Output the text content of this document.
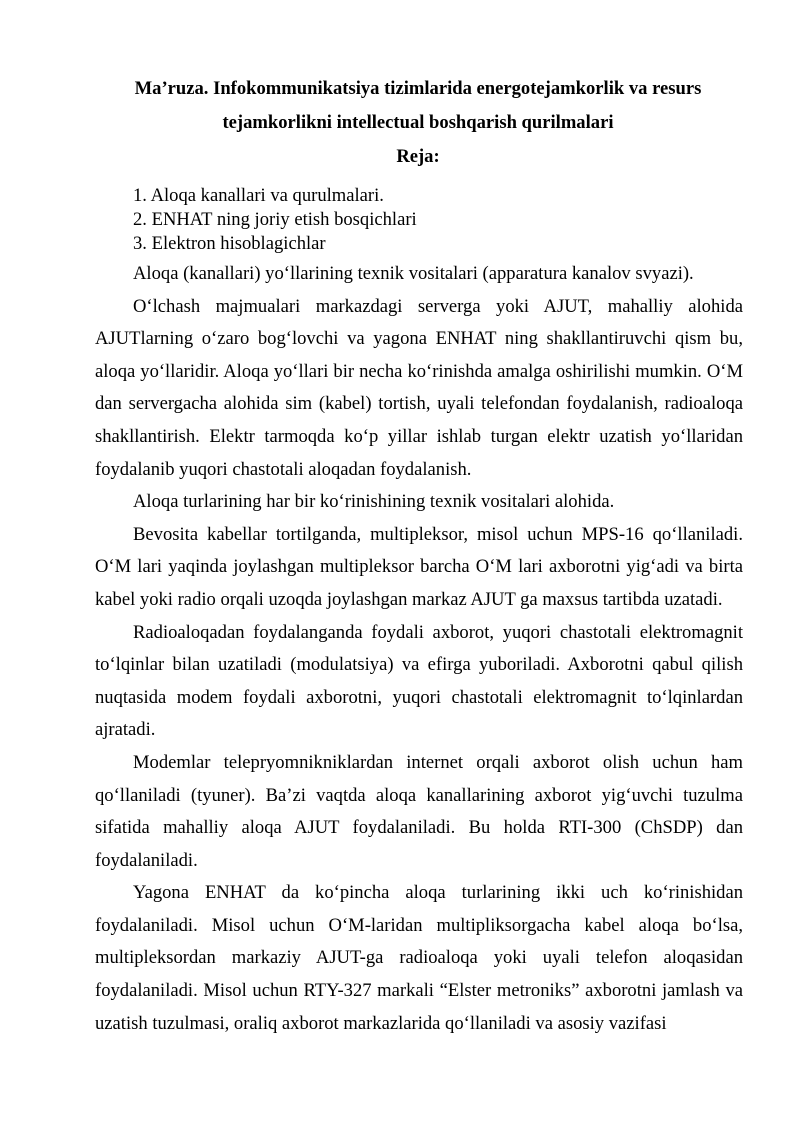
Ma’ruza. Infokommunikatsiya tizimlarida energotejamkorlik va resurs
tejamkorlikni intellectual boshqarish qurilmalari
Reja:
1. Aloqa kanallari va qurulmalari.
2. ENHAT ning joriy etish bosqichlari
3. Elektron hisoblagichlar

Aloqa (kanallari) yo‘llarining texnik vositalari (apparatura kanalov svyazi).

O‘lchash majmualari markazdagi serverga yoki AJUT, mahalliy alohida AJUTlarning o‘zaro bog‘lovchi va yagona ENHAT ning shakllantiruvchi qism bu, aloqa yo‘llaridir. Aloqa yo‘llari bir necha ko‘rinishda amalga oshirilishi mumkin. O‘M dan servergacha alohida sim (kabel) tortish, uyali telefondan foydalanish, radioaloqa shakllantirish. Elektr tarmoqda ko‘p yillar ishlab turgan elektr uzatish yo‘llaridan foydalanib yuqori chastotali aloqadan foydalanish.

Aloqa turlarining har bir ko‘rinishining texnik vositalari alohida.

Bevosita kabellar tortilganda, multipleksor, misol uchun MPS-16 qo‘llaniladi. O‘M lari yaqinda joylashgan multipleksor barcha O‘M lari axborotni yig‘adi va birta kabel yoki radio orqali uzoqda joylashgan markaz AJUT ga maxsus tartibda uzatadi.

Radioaloqadan foydalanganda foydali axborot, yuqori chastotali elektromagnit to‘lqinlar bilan uzatiladi (modulatsiya) va efirga yuboriladi. Axborotni qabul qilish nuqtasida modem foydali axborotni, yuqori chastotali elektromagnit to‘lqinlardan ajratadi.

Modemlar telepryomnikniklardan internet orqali axborot olish uchun ham qo‘llaniladi (tyuner). Ba’zi vaqtda aloqa kanallarining axborot yig‘uvchi tuzulma sifatida mahalliy aloqa AJUT foydalaniladi. Bu holda RTI-300 (ChSDP) dan foydalaniladi.

Yagona ENHAT da ko‘pincha aloqa turlarining ikki uch ko‘rinishidan foydalaniladi. Misol uchun O‘M-laridan multipliksorgacha kabel aloqa bo‘lsa, multipleksordan markaziy AJUT-ga radioaloqa yoki uyali telefon aloqasidan foydalaniladi. Misol uchun RTY-327 markali “Elster metroniks” axborotni jamlash va uzatish tuzulmasi, oraliq axborot markazlarida qo‘llaniladi va asosiy vazifasi
